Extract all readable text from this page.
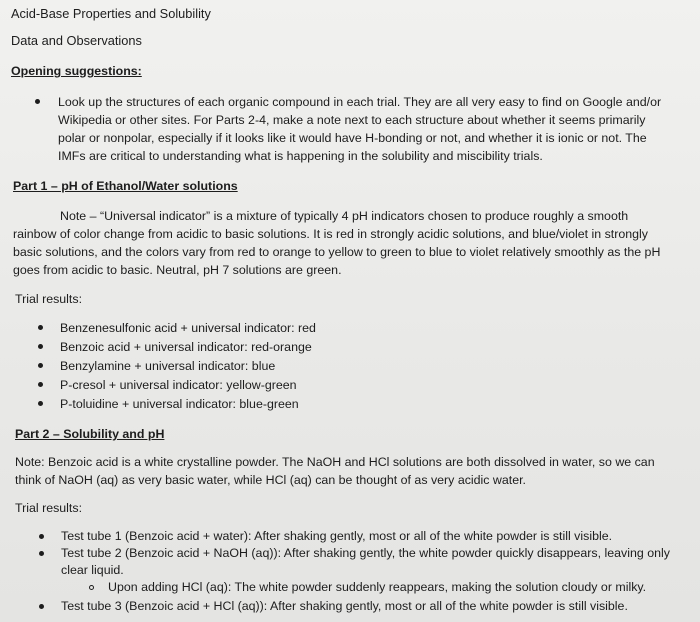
Acid-Base Properties and Solubility
Data and Observations
Opening suggestions:
Look up the structures of each organic compound in each trial. They are all very easy to find on Google and/or
Wikipedia or other sites. For Parts 2-4, make a note next to each structure about whether it seems primarily
polar or nonpolar, especially if it looks like it would have H-bonding or not, and whether it is ionic or not. The
IMFs are critical to understanding what is happening in the solubility and miscibility trials.
Part 1 – pH of Ethanol/Water solutions
Note – “Universal indicator” is a mixture of typically 4 pH indicators chosen to produce roughly a smooth
rainbow of color change from acidic to basic solutions. It is red in strongly acidic solutions, and blue/violet in strongly
basic solutions, and the colors vary from red to orange to yellow to green to blue to violet relatively smoothly as the pH
goes from acidic to basic. Neutral, pH 7 solutions are green.
Trial results:
Benzenesulfonic acid + universal indicator: red
Benzoic acid + universal indicator: red-orange
Benzylamine + universal indicator: blue
P-cresol + universal indicator: yellow-green
P-toluidine + universal indicator: blue-green
Part 2 – Solubility and pH
Note: Benzoic acid is a white crystalline powder. The NaOH and HCl solutions are both dissolved in water, so we can
think of NaOH (aq) as very basic water, while HCl (aq) can be thought of as very acidic water.
Trial results:
Test tube 1 (Benzoic acid + water): After shaking gently, most or all of the white powder is still visible.
Test tube 2 (Benzoic acid + NaOH (aq)): After shaking gently, the white powder quickly disappears, leaving only
clear liquid.
Upon adding HCl (aq): The white powder suddenly reappears, making the solution cloudy or milky.
Test tube 3 (Benzoic acid + HCl (aq)): After shaking gently, most or all of the white powder is still visible.
